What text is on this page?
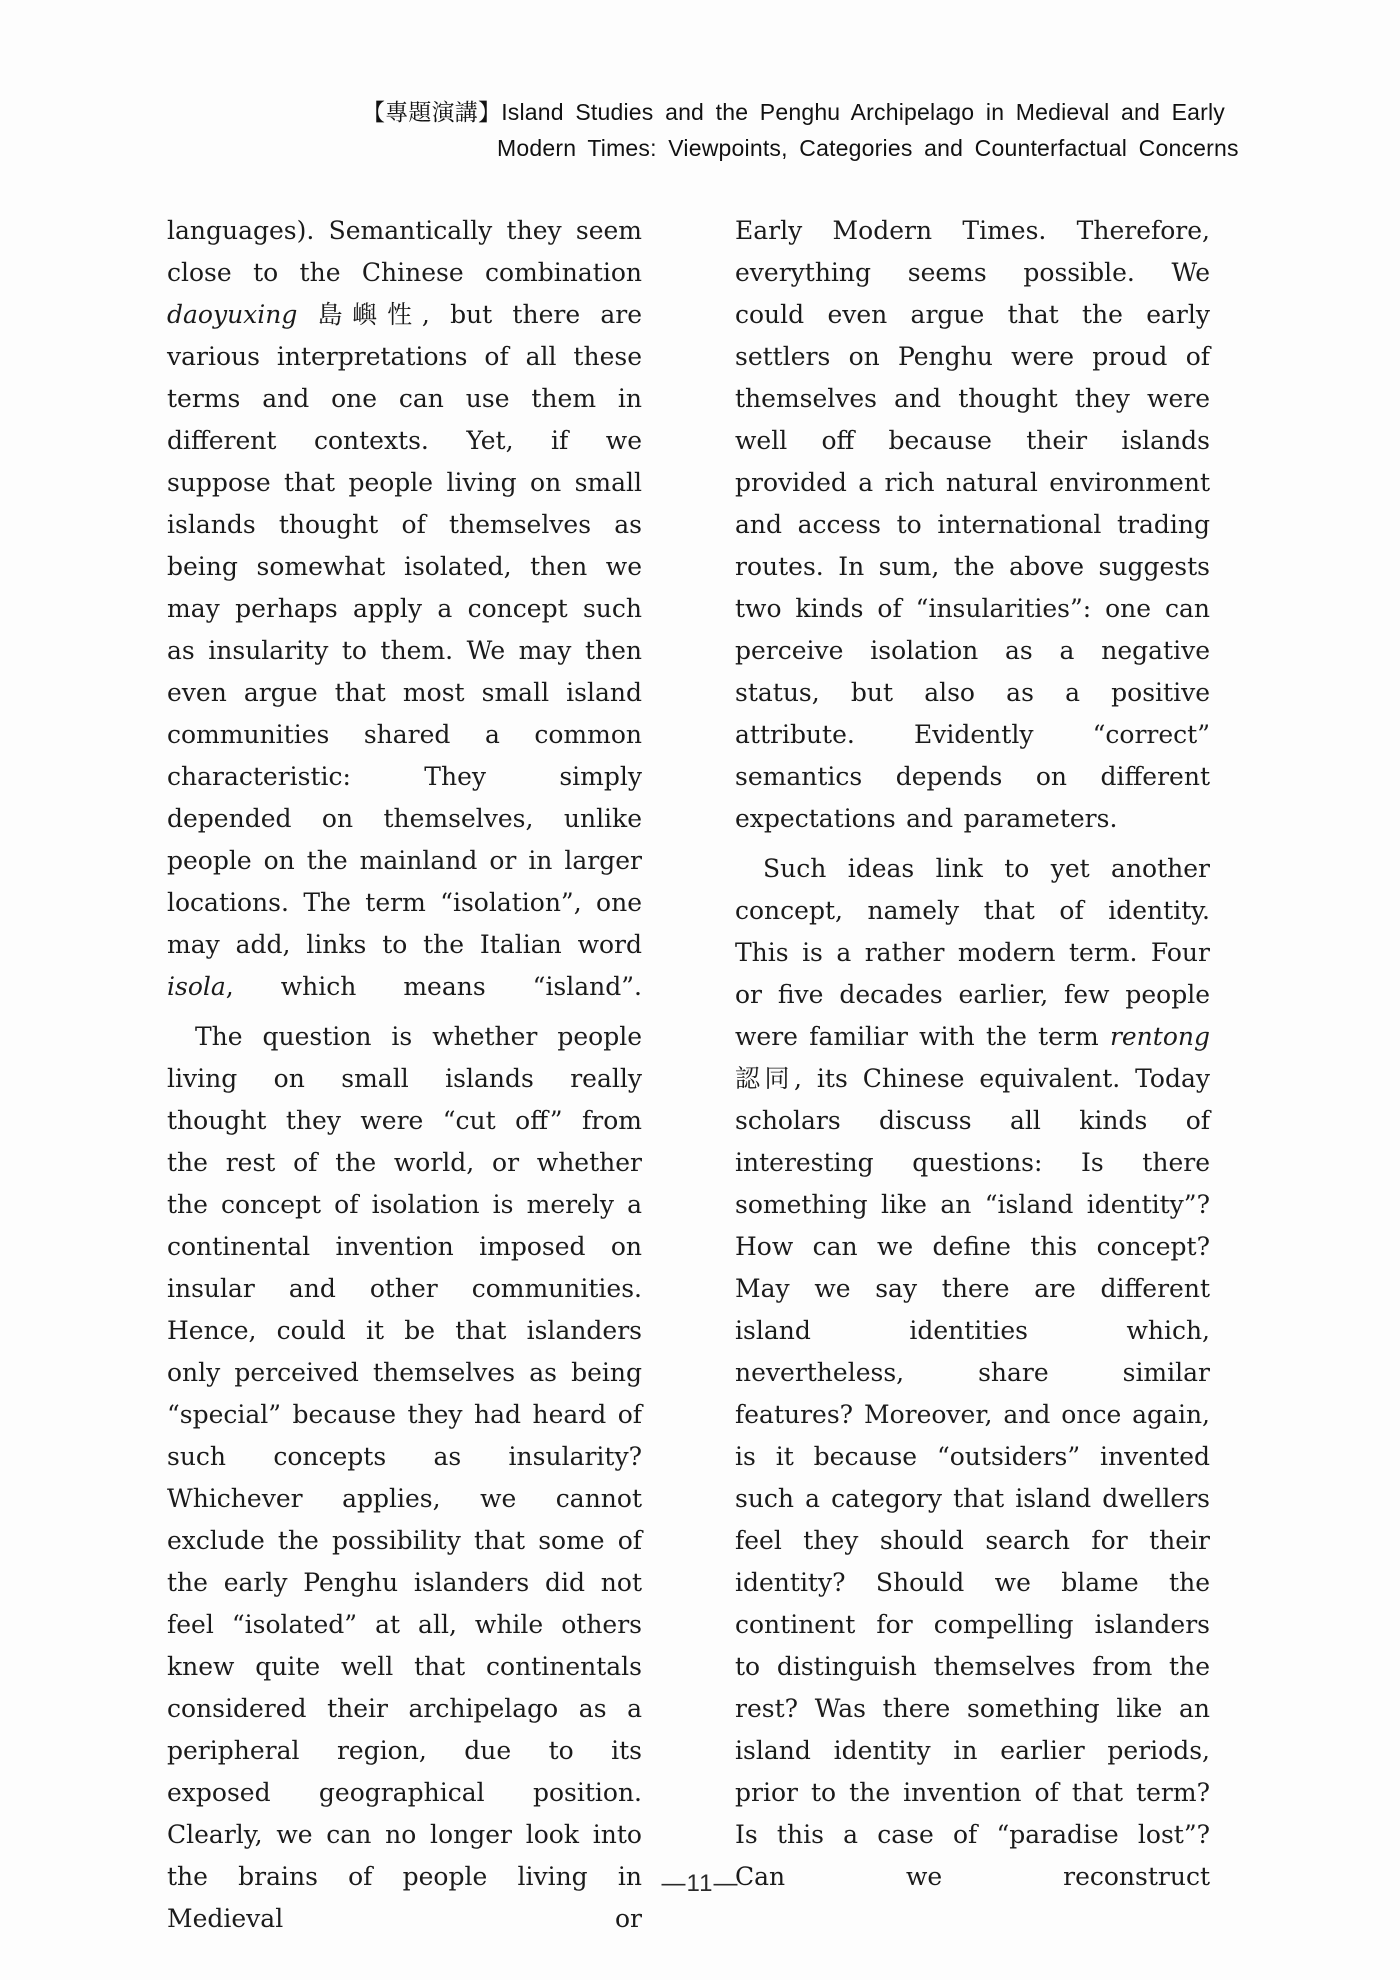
【專題演講】Island Studies and the Penghu Archipelago in Medieval and Early
Modern Times: Viewpoints, Categories and Counterfactual Concerns

languages). Semantically they seem close to the Chinese combination daoyuxing 島嶼性, but there are various interpretations of all these terms and one can use them in different contexts. Yet, if we suppose that people living on small islands thought of themselves as being somewhat isolated, then we may perhaps apply a concept such as insularity to them. We may then even argue that most small island communities shared a common characteristic: They simply depended on themselves, unlike people on the mainland or in larger locations. The term “isolation”, one may add, links to the Italian word isola, which means “island”.

The question is whether people living on small islands really thought they were “cut off” from the rest of the world, or whether the concept of isolation is merely a continental invention imposed on insular and other communities. Hence, could it be that islanders only perceived themselves as being “special” because they had heard of such concepts as insularity? Whichever applies, we cannot exclude the possibility that some of the early Penghu islanders did not feel “isolated” at all, while others knew quite well that continentals considered their archipelago as a peripheral region, due to its exposed geographical position. Clearly, we can no longer look into the brains of people living in Medieval or

Early Modern Times. Therefore, everything seems possible. We could even argue that the early settlers on Penghu were proud of themselves and thought they were well off because their islands provided a rich natural environment and access to international trading routes. In sum, the above suggests two kinds of “insularities”: one can perceive isolation as a negative status, but also as a positive attribute. Evidently “correct” semantics depends on different expectations and parameters.

Such ideas link to yet another concept, namely that of identity. This is a rather modern term. Four or five decades earlier, few people were familiar with the term rentong 認同, its Chinese equivalent. Today scholars discuss all kinds of interesting questions: Is there something like an “island identity”? How can we define this concept? May we say there are different island identities which, nevertheless, share similar features? Moreover, and once again, is it because “outsiders” invented such a category that island dwellers feel they should search for their identity? Should we blame the continent for compelling islanders to distinguish themselves from the rest? Was there something like an island identity in earlier periods, prior to the invention of that term? Is this a case of “paradise lost”? Can we reconstruct

—11—
